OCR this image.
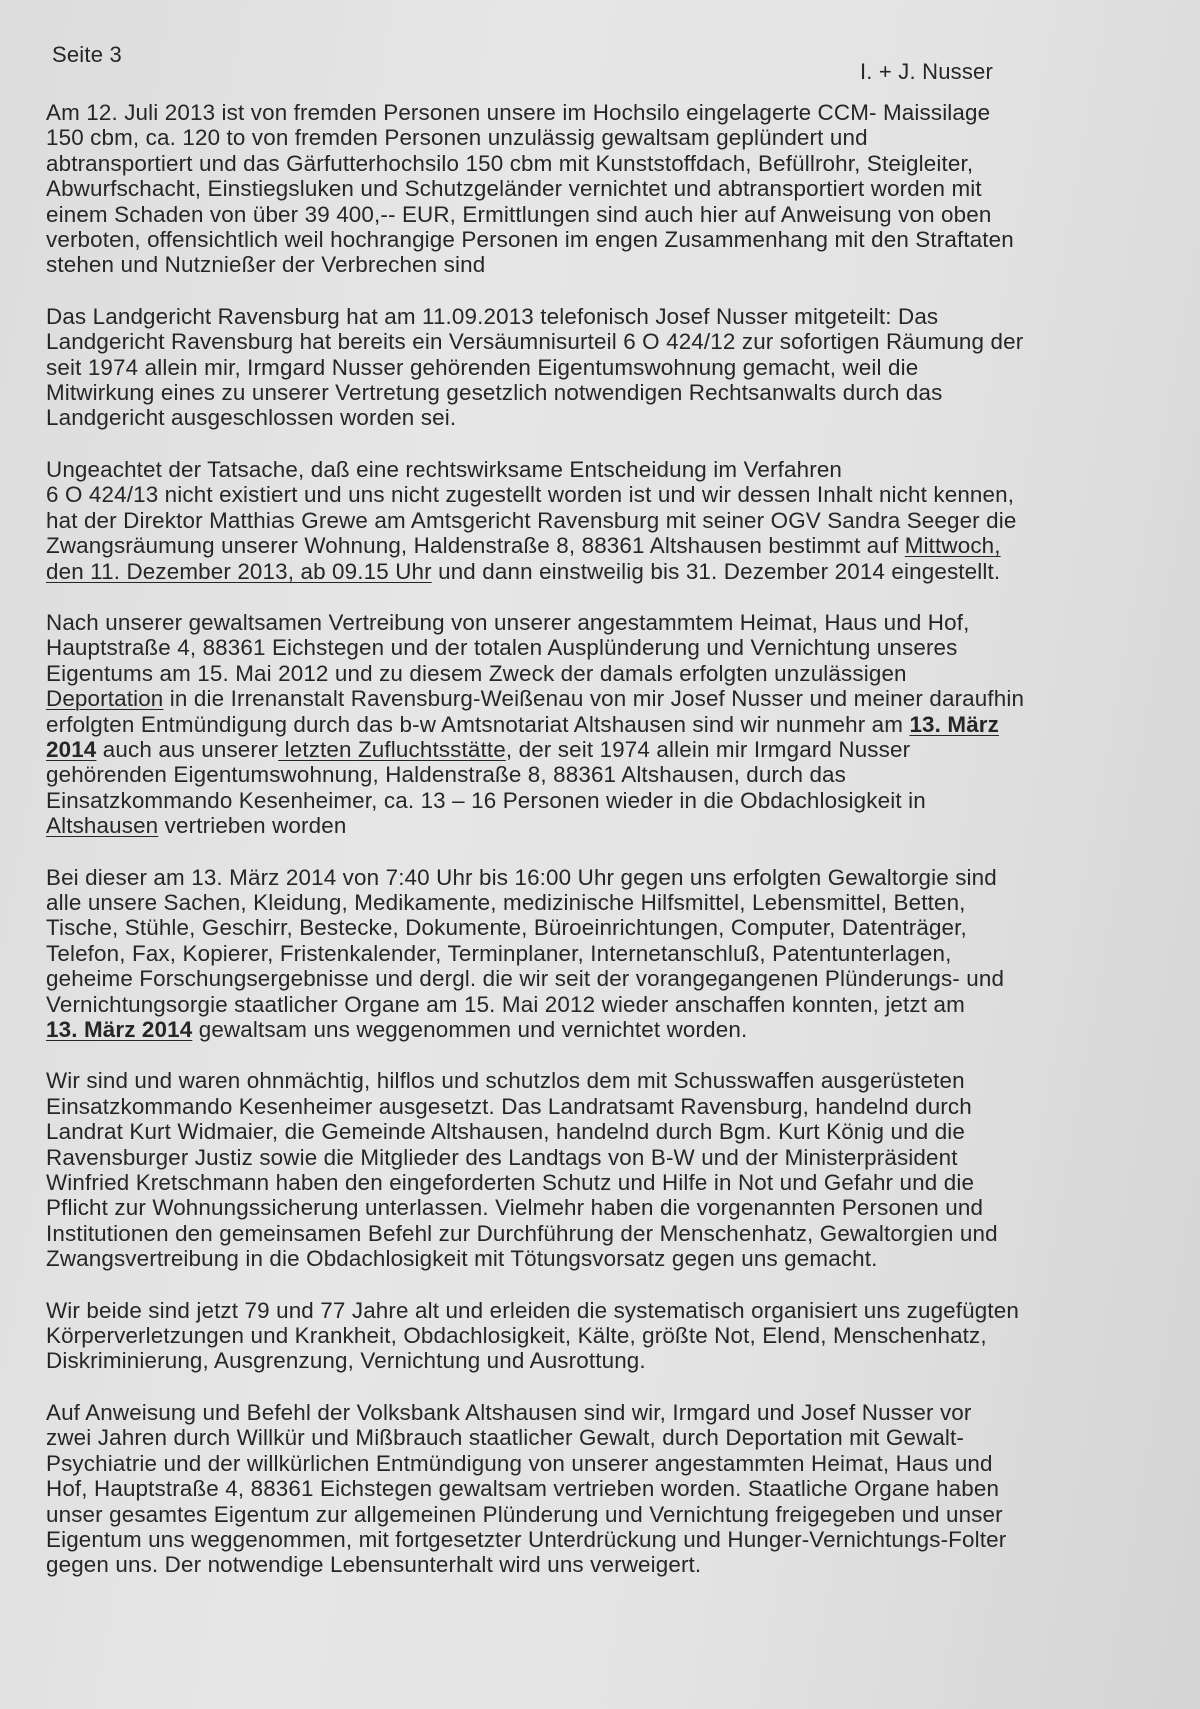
Seite 3
I. + J. Nusser
Am 12. Juli 2013 ist von fremden Personen unsere im Hochsilo eingelagerte CCM- Maissilage
150 cbm, ca. 120 to von fremden Personen unzulässig gewaltsam geplündert und
abtransportiert und das Gärfutterhochsilo 150 cbm mit Kunststoffdach, Befüllrohr, Steigleiter,
Abwurfschacht, Einstiegsluken und Schutzgeländer vernichtet und abtransportiert worden mit
einem Schaden von über 39 400,-- EUR, Ermittlungen sind auch hier auf Anweisung von oben
verboten, offensichtlich weil hochrangige Personen im engen Zusammenhang mit den Straftaten
stehen und Nutznießer der Verbrechen sind
Das Landgericht Ravensburg hat am 11.09.2013 telefonisch Josef Nusser mitgeteilt: Das
Landgericht Ravensburg hat bereits ein Versäumnisurteil 6 O 424/12 zur sofortigen Räumung der
seit 1974 allein mir, Irmgard Nusser gehörenden Eigentumswohnung gemacht, weil die
Mitwirkung eines zu unserer Vertretung gesetzlich notwendigen Rechtsanwalts durch das
Landgericht ausgeschlossen worden sei.
Ungeachtet der Tatsache, daß eine rechtswirksame Entscheidung im Verfahren
6 O 424/13 nicht existiert und uns nicht zugestellt worden ist und wir dessen Inhalt nicht kennen,
hat der Direktor Matthias Grewe am Amtsgericht Ravensburg mit seiner OGV Sandra Seeger die
Zwangsräumung unserer Wohnung, Haldenstraße 8, 88361 Altshausen bestimmt auf Mittwoch,
den 11. Dezember 2013, ab 09.15 Uhr und dann einstweilig bis 31. Dezember 2014 eingestellt.
Nach unserer gewaltsamen Vertreibung von unserer angestammtem Heimat, Haus und Hof,
Hauptstraße 4, 88361 Eichstegen und der totalen Ausplünderung und Vernichtung unseres
Eigentums am 15. Mai 2012 und zu diesem Zweck der damals erfolgten unzulässigen
Deportation in die Irrenanstalt Ravensburg-Weißenau von mir Josef Nusser und meiner daraufhin
erfolgten Entmündigung durch das b-w Amtsnotariat Altshausen sind wir nunmehr am 13. März
2014 auch aus unserer letzten Zufluchtsstätte, der seit 1974 allein mir Irmgard Nusser
gehörenden Eigentumswohnung, Haldenstraße 8, 88361 Altshausen, durch das
Einsatzkommando Kesenheimer, ca. 13 – 16 Personen wieder in die Obdachlosigkeit in
Altshausen vertrieben worden
Bei dieser am 13. März 2014 von 7:40 Uhr bis 16:00 Uhr gegen uns erfolgten Gewaltorgie sind
alle unsere Sachen, Kleidung, Medikamente, medizinische Hilfsmittel, Lebensmittel, Betten,
Tische, Stühle, Geschirr, Bestecke, Dokumente, Büroeinrichtungen, Computer, Datenträger,
Telefon, Fax, Kopierer, Fristenkalender, Terminplaner, Internetanschluß, Patentunterlagen,
geheime Forschungsergebnisse und dergl. die wir seit der vorangegangenen Plünderungs- und
Vernichtungsorgie staatlicher Organe am 15. Mai 2012 wieder anschaffen konnten, jetzt am
13. März 2014 gewaltsam uns weggenommen und vernichtet worden.
Wir sind und waren ohnmächtig, hilflos und schutzlos dem mit Schusswaffen ausgerüsteten
Einsatzkommando Kesenheimer ausgesetzt. Das Landratsamt Ravensburg, handelnd durch
Landrat Kurt Widmaier, die Gemeinde Altshausen, handelnd durch Bgm. Kurt König und die
Ravensburger Justiz sowie die Mitglieder des Landtags von B-W und der Ministerpräsident
Winfried Kretschmann haben den eingeforderten Schutz und Hilfe in Not und Gefahr und die
Pflicht zur Wohnungssicherung unterlassen. Vielmehr haben die vorgenannten Personen und
Institutionen den gemeinsamen Befehl zur Durchführung der Menschenhatz, Gewaltorgien und
Zwangsvertreibung in die Obdachlosigkeit mit Tötungsvorsatz gegen uns gemacht.
Wir beide sind jetzt 79 und 77 Jahre alt und erleiden die systematisch organisiert uns zugefügten
Körperverletzungen und Krankheit, Obdachlosigkeit, Kälte, größte Not, Elend, Menschenhatz,
Diskriminierung, Ausgrenzung, Vernichtung und Ausrottung.
Auf Anweisung und Befehl der Volksbank Altshausen sind wir, Irmgard und Josef Nusser vor
zwei Jahren durch Willkür und Mißbrauch staatlicher Gewalt, durch Deportation mit Gewalt-
Psychiatrie und der willkürlichen Entmündigung von unserer angestammten Heimat, Haus und
Hof, Hauptstraße 4, 88361 Eichstegen gewaltsam vertrieben worden. Staatliche Organe haben
unser gesamtes Eigentum zur allgemeinen Plünderung und Vernichtung freigegeben und unser
Eigentum uns weggenommen, mit fortgesetzter Unterdrückung und Hunger-Vernichtungs-Folter
gegen uns. Der notwendige Lebensunterhalt wird uns verweigert.
